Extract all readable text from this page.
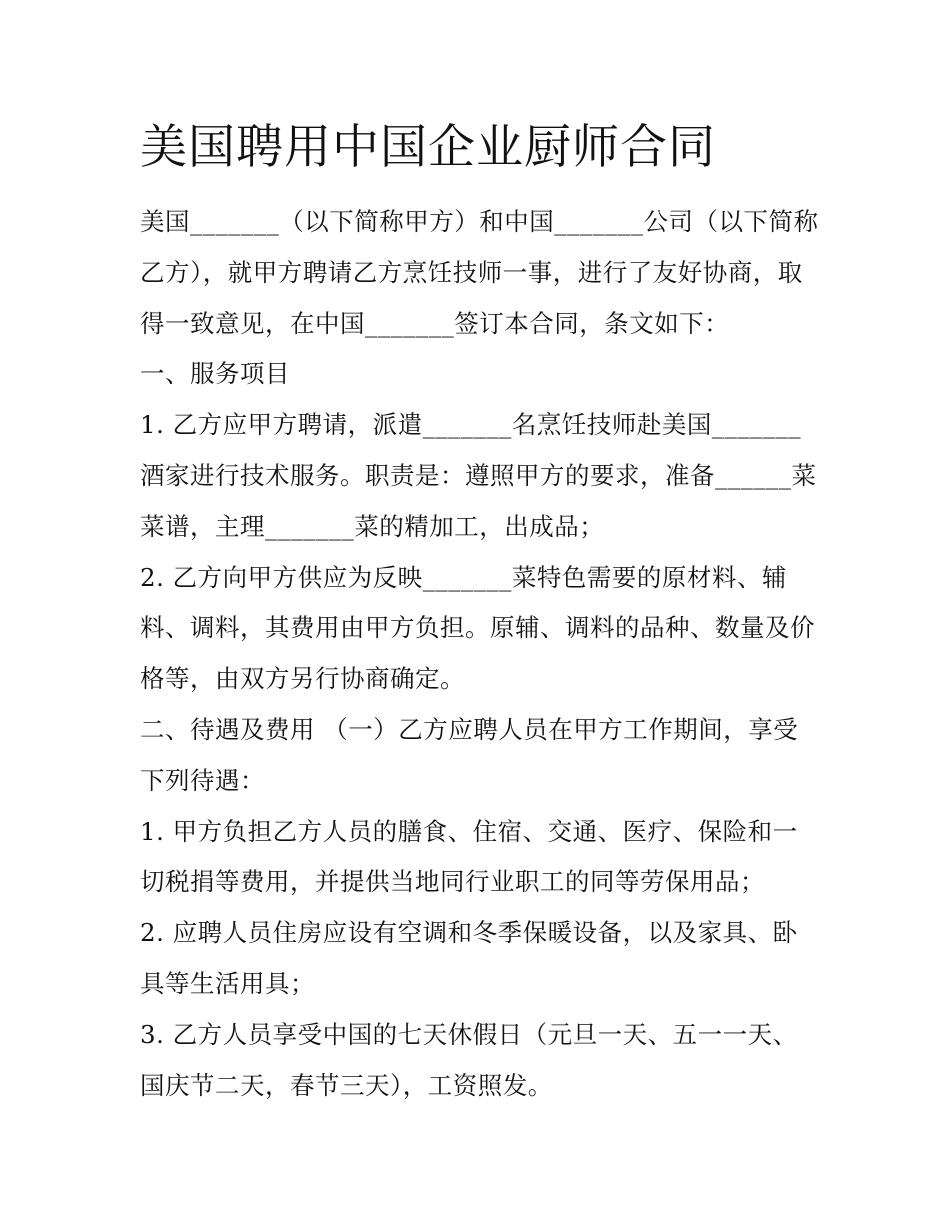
美国聘用中国企业厨师合同
美国_______（以下简称甲方）和中国_______公司（以下简称
乙方），就甲方聘请乙方烹饪技师一事，进行了友好协商，取
得一致意见，在中国_______签订本合同，条文如下：
一、服务项目
1. 乙方应甲方聘请，派遣_______名烹饪技师赴美国_______
酒家进行技术服务。职责是：遵照甲方的要求，准备______菜
菜谱，主理_______菜的精加工，出成品；
2. 乙方向甲方供应为反映_______菜特色需要的原材料、辅
料、调料，其费用由甲方负担。原辅、调料的品种、数量及价
格等，由双方另行协商确定。
二、待遇及费用 （一）乙方应聘人员在甲方工作期间，享受
下列待遇：
1. 甲方负担乙方人员的膳食、住宿、交通、医疗、保险和一
切税捐等费用，并提供当地同行业职工的同等劳保用品；
2. 应聘人员住房应设有空调和冬季保暖设备，以及家具、卧
具等生活用具；
3. 乙方人员享受中国的七天休假日（元旦一天、五一一天、
国庆节二天，春节三天），工资照发。
